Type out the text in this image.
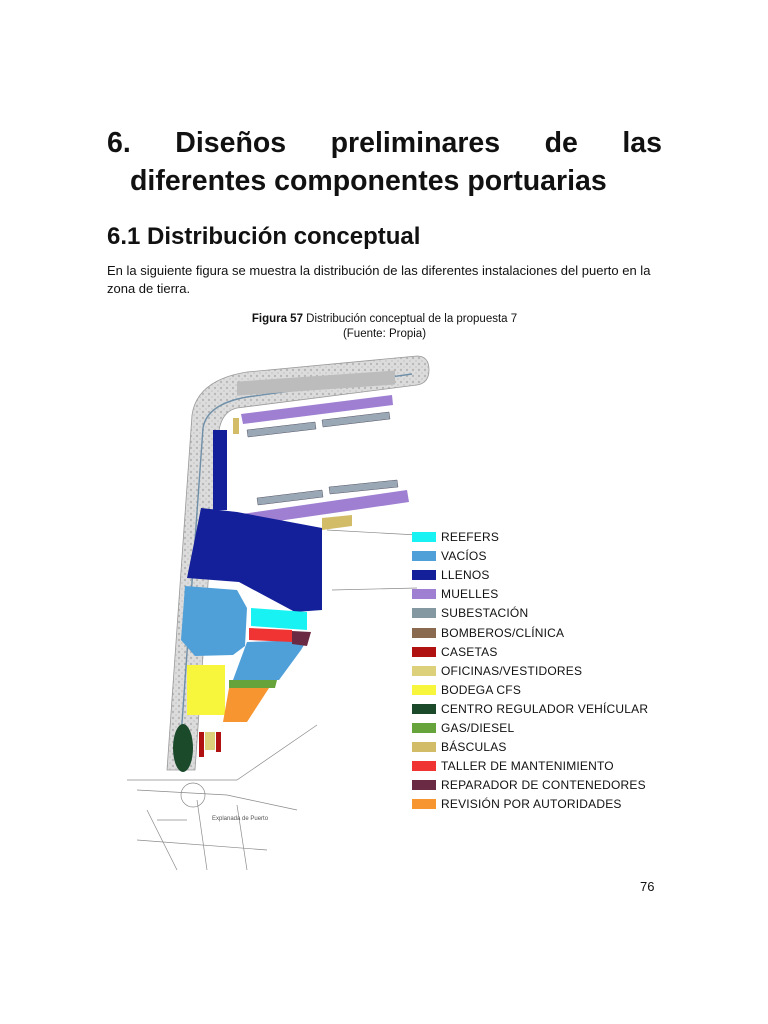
6. Diseños preliminares de las
diferentes componentes portuarias
6.1 Distribución conceptual
En la siguiente figura se muestra la distribución de las diferentes instalaciones del puerto en la zona de tierra.
Figura 57 Distribución conceptual de la propuesta 7
(Fuente: Propia)
Explanada de Puerto
REEFERS
VACÍOS
LLENOS
MUELLES
SUBESTACIÓN
BOMBEROS/CLÍNICA
CASETAS
OFICINAS/VESTIDORES
BODEGA CFS
CENTRO REGULADOR VEHÍCULAR
GAS/DIESEL
BÁSCULAS
TALLER DE MANTENIMIENTO
REPARADOR DE CONTENEDORES
REVISIÓN POR AUTORIDADES
76
